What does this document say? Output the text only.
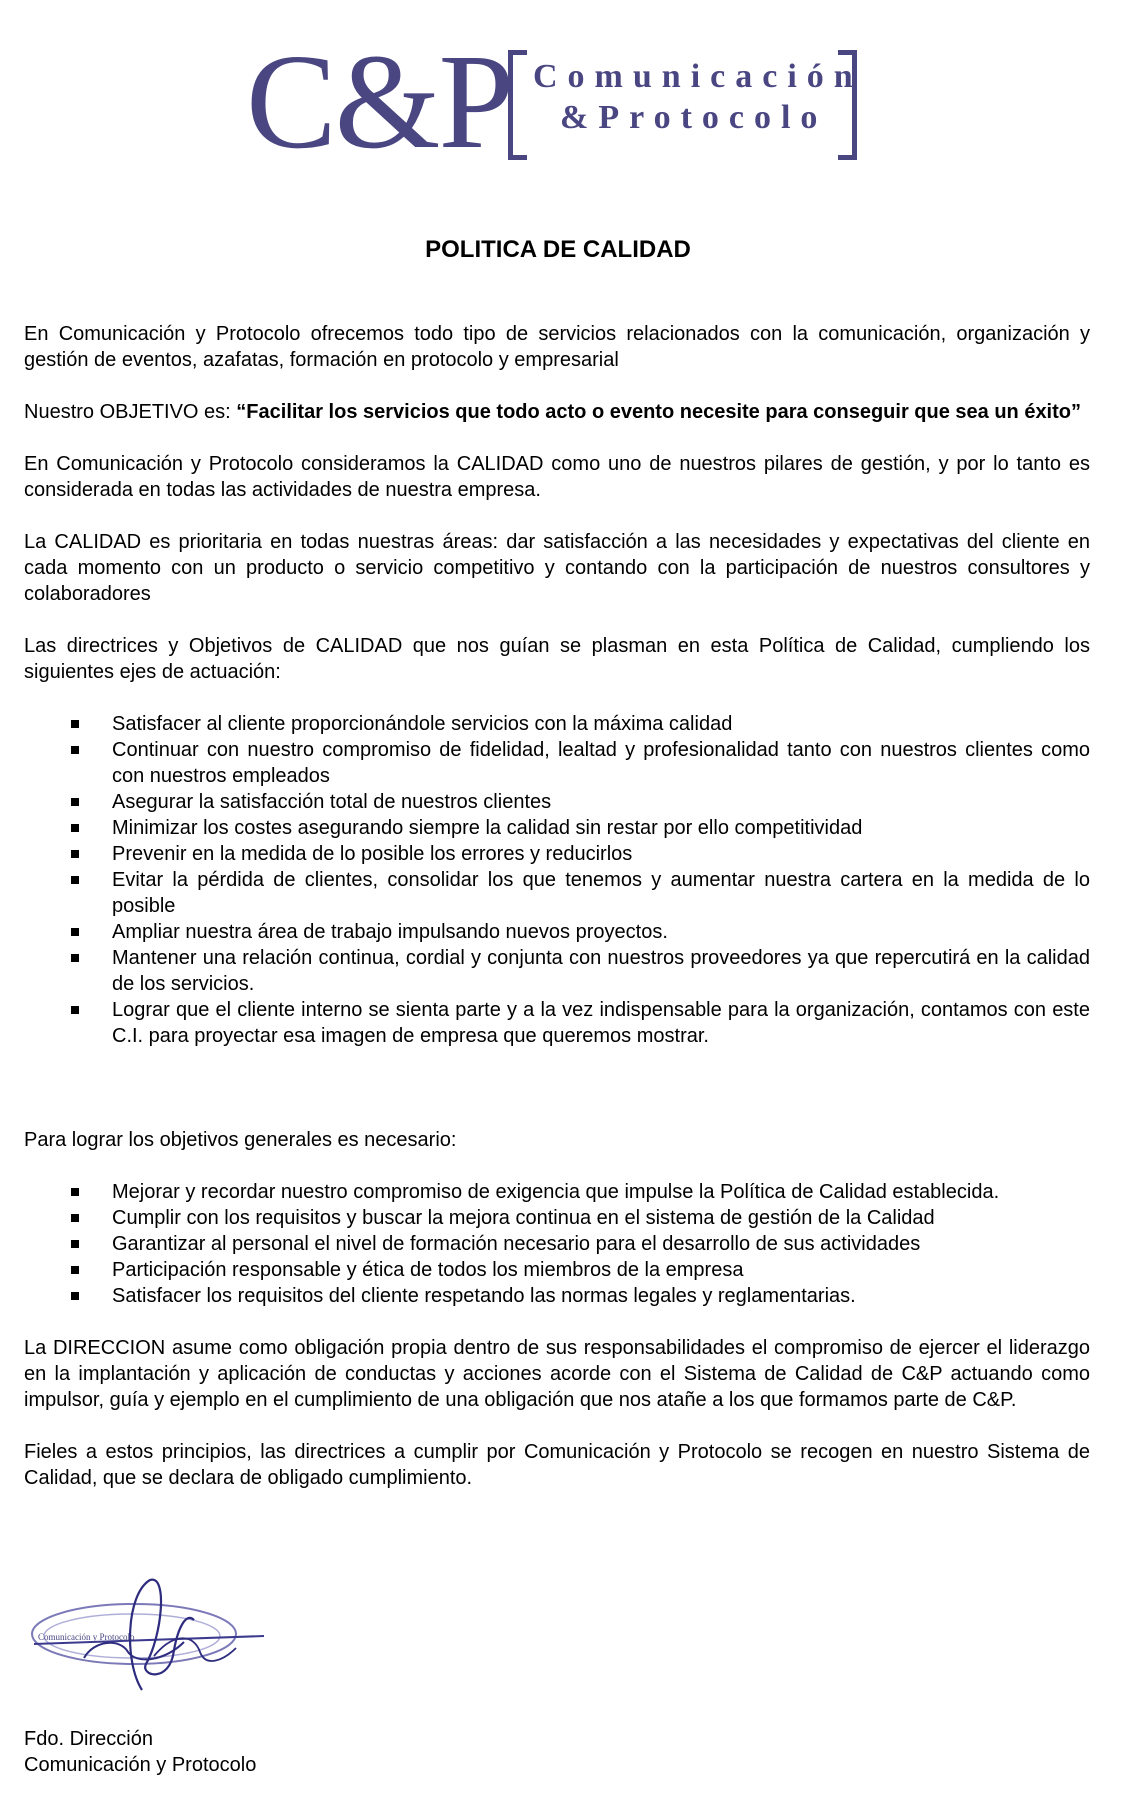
C&P Comunicación
&Protocolo
POLITICA DE CALIDAD

En Comunicación y Protocolo ofrecemos todo tipo de servicios relacionados con la comunicación, organización y gestión de eventos, azafatas, formación en protocolo y empresarial

Nuestro OBJETIVO es: “Facilitar los servicios que todo acto o evento necesite para conseguir que sea un éxito”

En Comunicación y Protocolo consideramos la CALIDAD como uno de nuestros pilares de gestión, y por lo tanto es considerada en todas las actividades de nuestra empresa.

La CALIDAD es prioritaria en todas nuestras áreas: dar satisfacción a las necesidades y expectativas del cliente en cada momento con un producto o servicio competitivo y contando con la participación de nuestros consultores y colaboradores

Las directrices y Objetivos de CALIDAD que nos guían se plasman en esta Política de Calidad, cumpliendo los siguientes ejes de actuación:

Satisfacer al cliente proporcionándole servicios con la máxima calidad
Continuar con nuestro compromiso de fidelidad, lealtad y profesionalidad tanto con nuestros clientes como con nuestros empleados
Asegurar la satisfacción total de nuestros clientes
Minimizar los costes asegurando siempre la calidad sin restar por ello competitividad
Prevenir en la medida de lo posible los errores y reducirlos
Evitar la pérdida de clientes, consolidar los que tenemos y aumentar nuestra cartera en la medida de lo posible
Ampliar nuestra área de trabajo impulsando nuevos proyectos.
Mantener una relación continua, cordial y conjunta con nuestros proveedores ya que repercutirá en la calidad de los servicios.
Lograr que el cliente interno se sienta parte y a la vez indispensable para la organización, contamos con este C.I. para proyectar esa imagen de empresa que queremos mostrar.

Para lograr los objetivos generales es necesario:

Mejorar y recordar nuestro compromiso de exigencia que impulse la Política de Calidad establecida.
Cumplir con los requisitos y buscar la mejora continua en el sistema de gestión de la Calidad
Garantizar al personal el nivel de formación necesario para el desarrollo de sus actividades
Participación responsable y ética de todos los miembros de la empresa
Satisfacer los requisitos del cliente respetando las normas legales y reglamentarias.

La DIRECCION asume como obligación propia dentro de sus responsabilidades el compromiso de ejercer el liderazgo en la implantación y aplicación de conductas y acciones acorde con el Sistema de Calidad de C&P actuando como impulsor, guía y ejemplo en el cumplimiento de una obligación que nos atañe a los que formamos parte de C&P.

Fieles a estos principios, las directrices a cumplir por Comunicación y Protocolo se recogen en nuestro Sistema de Calidad, que se declara de obligado cumplimiento.

Comunicación y Protocolo
Fdo. Dirección
Comunicación y Protocolo
